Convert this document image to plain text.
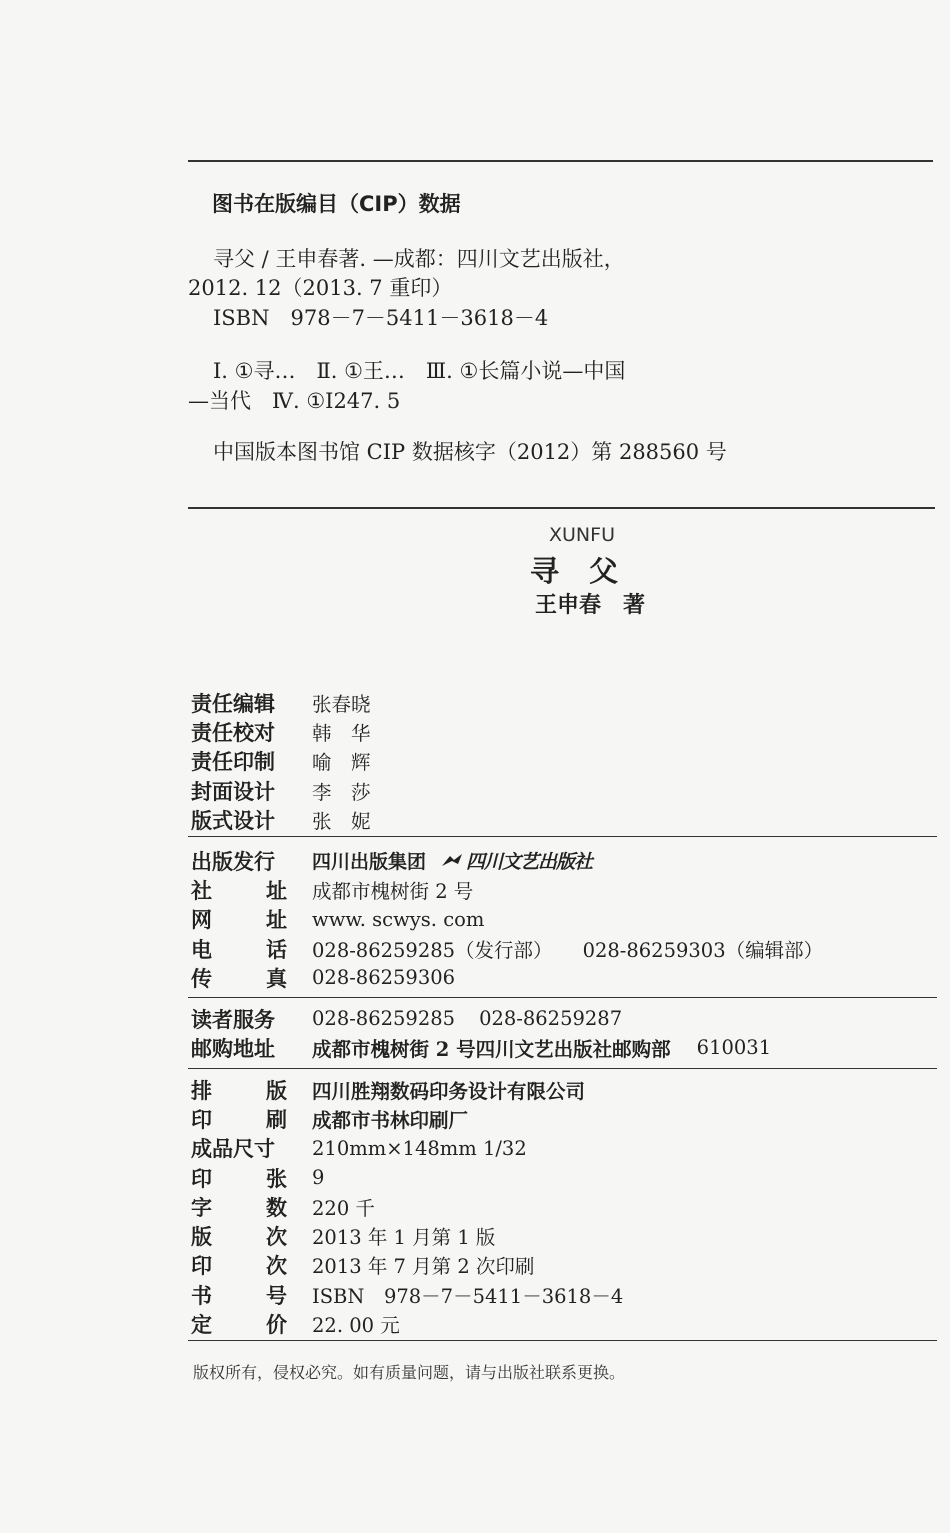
图书在版编目（CIP）数据
寻父 / 王申春著. —成都：四川文艺出版社，
2012. 12（2013. 7 重印）
ISBN　978－7－5411－3618－4
Ⅰ. ①寻…　Ⅱ. ①王…　Ⅲ. ①长篇小说—中国
—当代　Ⅳ. ①Ⅰ247. 5
中国版本图书馆 CIP 数据核字（2012）第 288560 号
XUNFU
寻父
王申春　著
责任编辑	张春晓
责任校对	韩　华
责任印制	喻　辉
封面设计	李　莎
版式设计	张　妮
出版发行 四川出版集团 四川文艺出版社
社	址 成都市槐树街 2 号
网	址 www. scwys. com
电	话 028-86259285（发行部） 028-86259303（编辑部）
传	真 028-86259306
读者服务	028-86259285 028-86259287
邮购地址	成都市槐树街 2 号四川文艺出版社邮购部 610031
排	版 四川胜翔数码印务设计有限公司
印	刷 成都市书林印刷厂
成品尺寸 210mm×148mm 1/32
印	张 9
字	数 220 千
版	次 2013 年 1 月第 1 版
印	次 2013 年 7 月第 2 次印刷
书	号 ISBN　978－7－5411－3618－4
定	价 22. 00 元
版权所有，侵权必究。如有质量问题，请与出版社联系更换。
